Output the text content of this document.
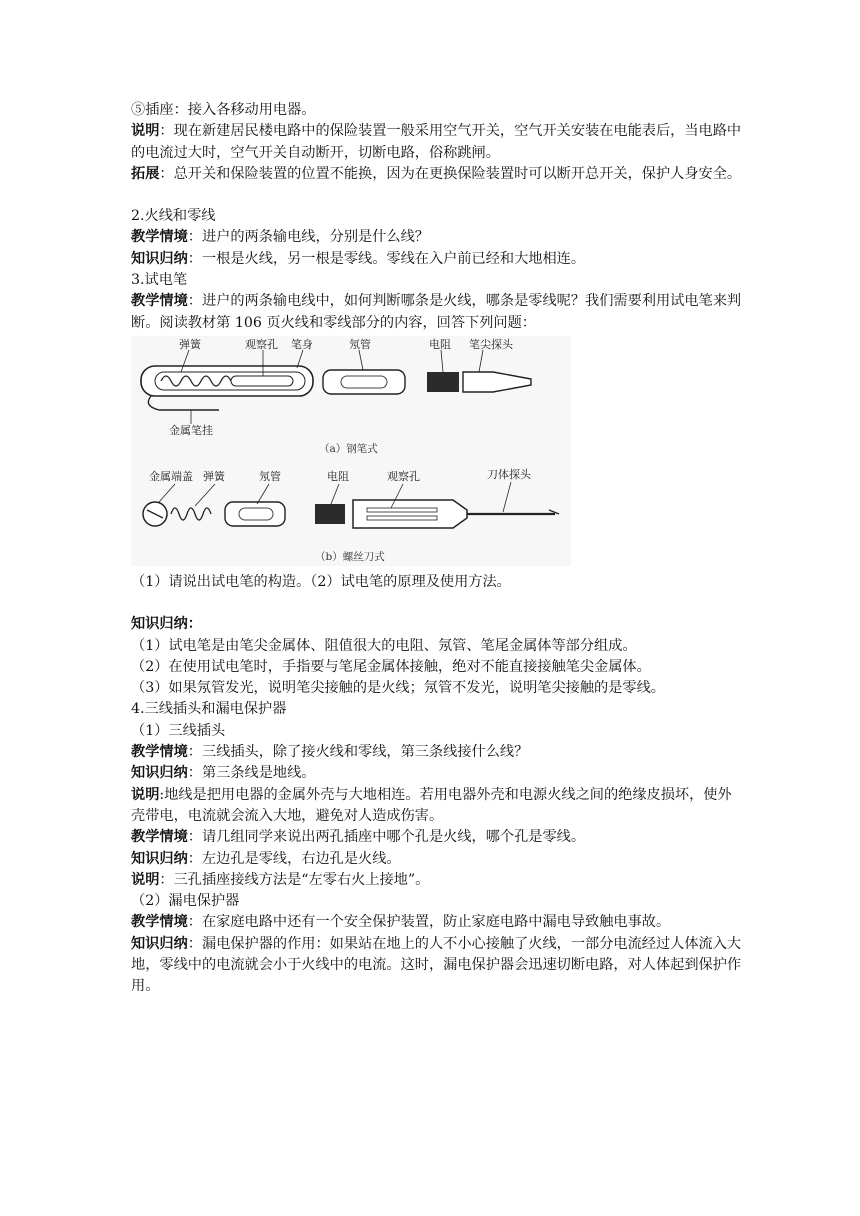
⑤插座：接入各移动用电器。

说明：现在新建居民楼电路中的保险装置一般采用空气开关，空气开关安装在电能表后，当电路中的电流过大时，空气开关自动断开，切断电路，俗称跳闸。

拓展：总开关和保险装置的位置不能换，因为在更换保险装置时可以断开总开关，保护人身安全。

2.火线和零线

教学情境：进户的两条输电线，分别是什么线？

知识归纳：一根是火线，另一根是零线。零线在入户前已经和大地相连。

3.试电笔

教学情境：进户的两条输电线中，如何判断哪条是火线，哪条是零线呢？我们需要利用试电笔来判断。阅读教材第 106 页火线和零线部分的内容，回答下列问题：

弹簧	观察孔 笔身	氖管	电阻 笔尖探头
金属笔挂
（a）钢笔式
金属端盖 弹簧	氖管	电阻	观察孔	刀体探头
（b）螺丝刀式

（1）请说出试电笔的构造。（2）试电笔的原理及使用方法。

知识归纳：

（1）试电笔是由笔尖金属体、阻值很大的电阻、氖管、笔尾金属体等部分组成。

（2）在使用试电笔时，手指要与笔尾金属体接触，绝对不能直接接触笔尖金属体。

（3）如果氖管发光，说明笔尖接触的是火线；氖管不发光，说明笔尖接触的是零线。

4.三线插头和漏电保护器

（1）三线插头

教学情境：三线插头，除了接火线和零线，第三条线接什么线？

知识归纳：第三条线是地线。

说明:地线是把用电器的金属外壳与大地相连。若用电器外壳和电源火线之间的绝缘皮损坏，使外壳带电，电流就会流入大地，避免对人造成伤害。

教学情境：请几组同学来说出两孔插座中哪个孔是火线，哪个孔是零线。

知识归纳：左边孔是零线，右边孔是火线。

说明：三孔插座接线方法是“左零右火上接地”。

（2）漏电保护器

教学情境：在家庭电路中还有一个安全保护装置，防止家庭电路中漏电导致触电事故。

知识归纳：漏电保护器的作用：如果站在地上的人不小心接触了火线，一部分电流经过人体流入大地，零线中的电流就会小于火线中的电流。这时，漏电保护器会迅速切断电路，对人体起到保护作用。
